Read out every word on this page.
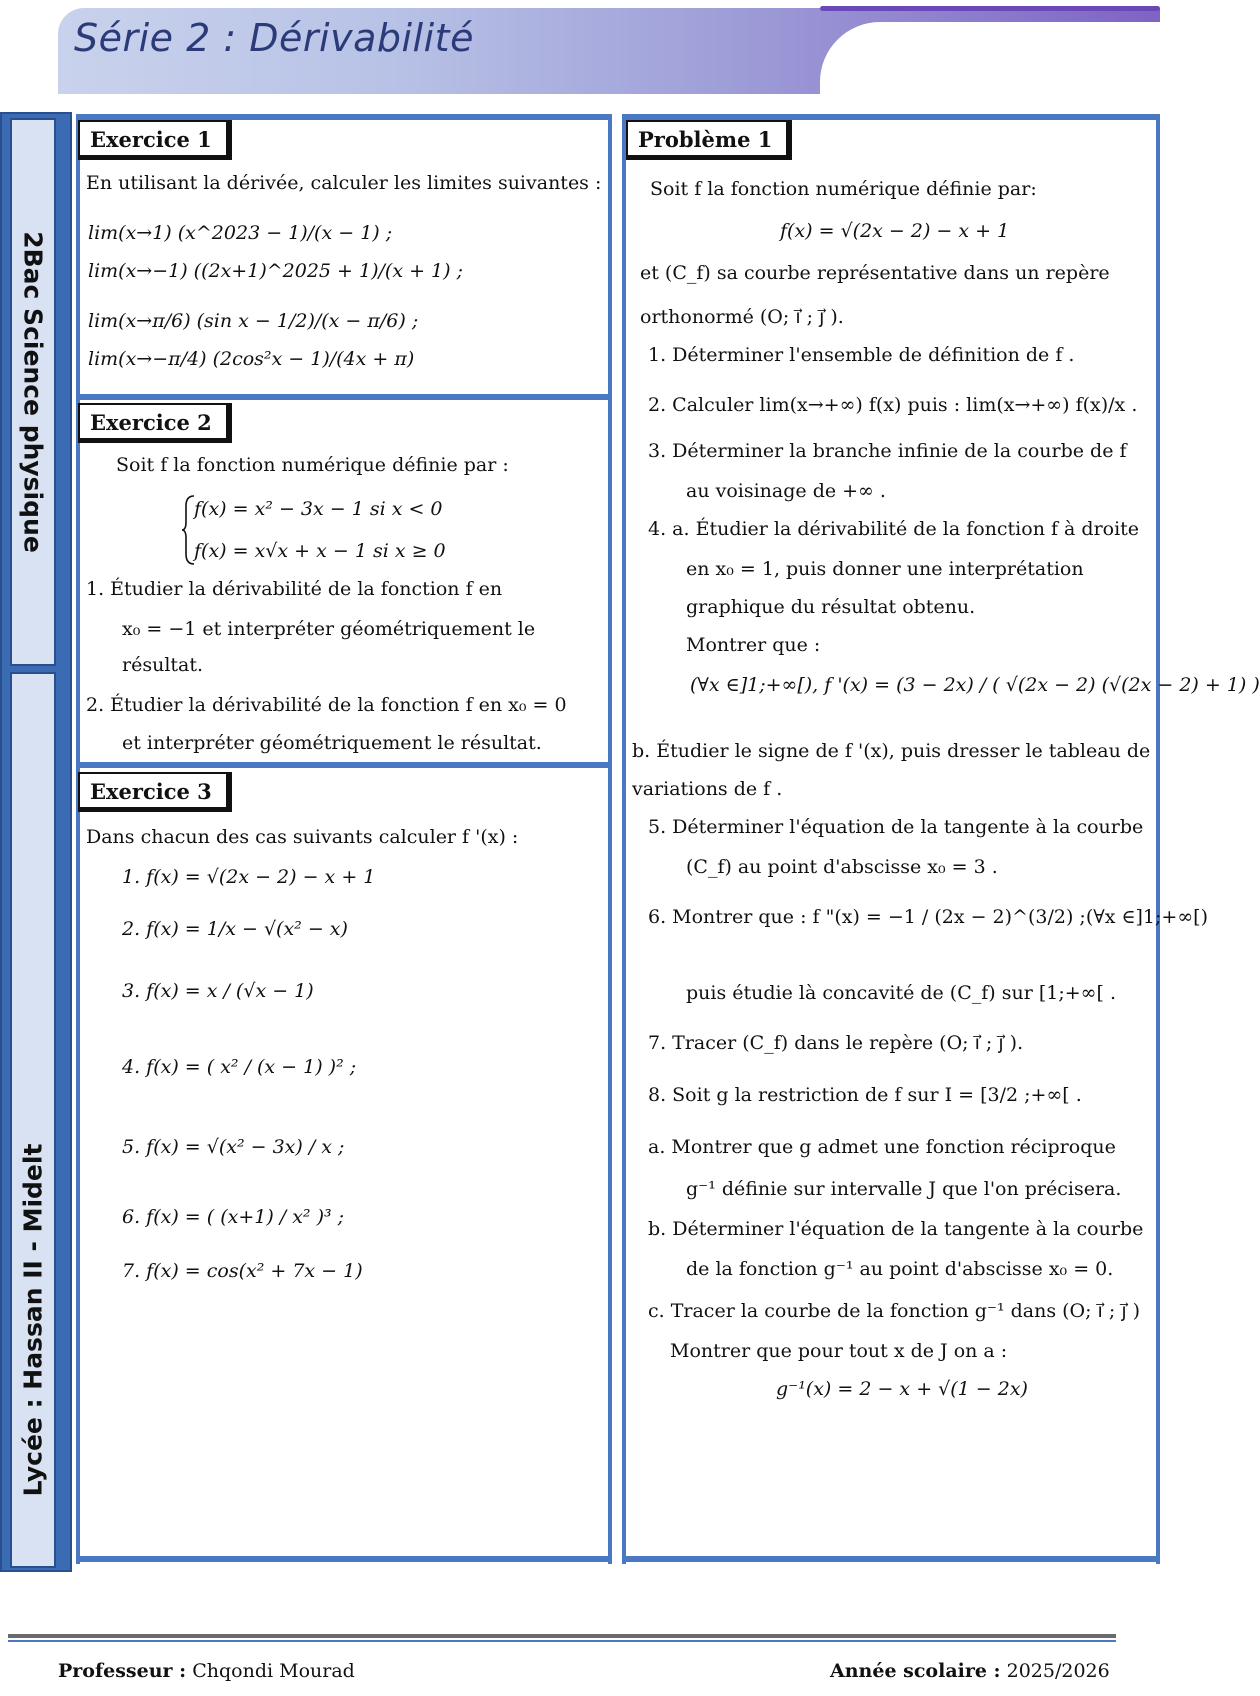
Série 2 : Dérivabilité
2Bac Science physique
Lycée : Hassan II - Midelt
Exercice 1
En utilisant la dérivée, calculer les limites suivantes :
lim(x→1) (x^2023 − 1)/(x − 1) ;
lim(x→−1) ((2x+1)^2025 + 1)/(x + 1) ;
lim(x→π/6) (sin x − 1/2)/(x − π/6) ;
lim(x→−π/4) (2cos²x − 1)/(4x + π)
Exercice 2
Soit f la fonction numérique définie par :
f(x) = x² − 3x − 1 si x < 0
f(x) = x√x + x − 1 si x ≥ 0
1. Étudier la dérivabilité de la fonction f en
x₀ = −1 et interpréter géométriquement le
résultat.
2. Étudier la dérivabilité de la fonction f en x₀ = 0
et interpréter géométriquement le résultat.
Exercice 3
Dans chacun des cas suivants calculer f '(x) :
1. f(x) = √(2x − 2) − x + 1
2. f(x) = 1/x − √(x² − x)
3. f(x) = x / (√x − 1)
4. f(x) = ( x² / (x − 1) )² ;
5. f(x) = √(x² − 3x) / x ;
6. f(x) = ( (x+1) / x² )³ ;
7. f(x) = cos(x² + 7x − 1)
Problème 1
Soit f la fonction numérique définie par:
f(x) = √(2x − 2) − x + 1
et (C_f) sa courbe représentative dans un repère
orthonormé (O; i⃗ ; j⃗ ).
1. Déterminer l'ensemble de définition de f .
2. Calculer lim(x→+∞) f(x) puis : lim(x→+∞) f(x)/x .
3. Déterminer la branche infinie de la courbe de f
au voisinage de +∞ .
4. a. Étudier la dérivabilité de la fonction f à droite
en x₀ = 1, puis donner une interprétation
graphique du résultat obtenu.
Montrer que :
(∀x ∈]1;+∞[), f '(x) = (3 − 2x) / ( √(2x − 2) (√(2x − 2) + 1) )
b. Étudier le signe de f '(x), puis dresser le tableau de
variations de f .
5. Déterminer l'équation de la tangente à la courbe
(C_f) au point d'abscisse x₀ = 3 .
6. Montrer que : f "(x) = −1 / (2x − 2)^(3/2) ;(∀x ∈]1;+∞[)
puis étudie là concavité de (C_f) sur [1;+∞[ .
7. Tracer (C_f) dans le repère (O; i⃗ ; j⃗ ).
8. Soit g la restriction de f sur I = [3/2 ;+∞[ .
a. Montrer que g admet une fonction réciproque
g⁻¹ définie sur intervalle J que l'on précisera.
b. Déterminer l'équation de la tangente à la courbe
de la fonction g⁻¹ au point d'abscisse x₀ = 0.
c. Tracer la courbe de la fonction g⁻¹ dans (O; i⃗ ; j⃗ )
Montrer que pour tout x de J on a :
g⁻¹(x) = 2 − x + √(1 − 2x)
Professeur : Chqondi Mourad	Année scolaire : 2025/2026
